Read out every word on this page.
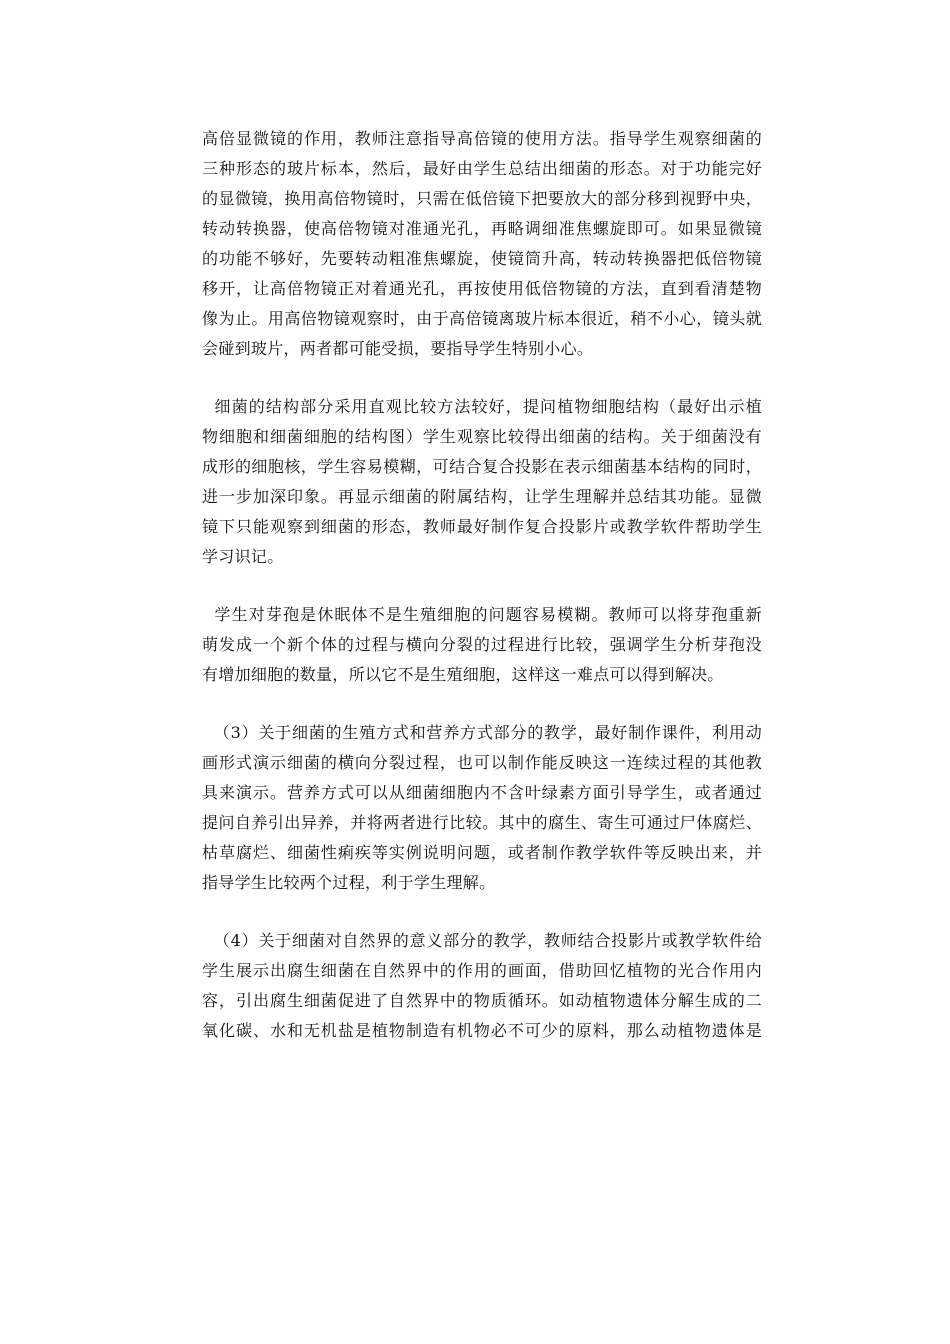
高倍显微镜的作用，教师注意指导高倍镜的使用方法。指导学生观察细菌的
三种形态的玻片标本，然后，最好由学生总结出细菌的形态。对于功能完好
的显微镜，换用高倍物镜时，只需在低倍镜下把要放大的部分移到视野中央，
转动转换器，使高倍物镜对准通光孔，再略调细准焦螺旋即可。如果显微镜
的功能不够好，先要转动粗准焦螺旋，使镜筒升高，转动转换器把低倍物镜
移开，让高倍物镜正对着通光孔，再按使用低倍物镜的方法，直到看清楚物
像为止。用高倍物镜观察时，由于高倍镜离玻片标本很近，稍不小心，镜头就
会碰到玻片，两者都可能受损，要指导学生特别小心。

细菌的结构部分采用直观比较方法较好，提问植物细胞结构（最好出示植
物细胞和细菌细胞的结构图）学生观察比较得出细菌的结构。关于细菌没有
成形的细胞核，学生容易模糊，可结合复合投影在表示细菌基本结构的同时，
进一步加深印象。再显示细菌的附属结构，让学生理解并总结其功能。显微
镜下只能观察到细菌的形态，教师最好制作复合投影片或教学软件帮助学生
学习识记。

学生对芽孢是休眠体不是生殖细胞的问题容易模糊。教师可以将芽孢重新
萌发成一个新个体的过程与横向分裂的过程进行比较，强调学生分析芽孢没
有增加细胞的数量，所以它不是生殖细胞，这样这一难点可以得到解决。

（3）关于细菌的生殖方式和营养方式部分的教学，最好制作课件，利用动
画形式演示细菌的横向分裂过程，也可以制作能反映这一连续过程的其他教
具来演示。营养方式可以从细菌细胞内不含叶绿素方面引导学生，或者通过
提问自养引出异养，并将两者进行比较。其中的腐生、寄生可通过尸体腐烂、
枯草腐烂、细菌性痢疾等实例说明问题，或者制作教学软件等反映出来，并
指导学生比较两个过程，利于学生理解。

（4）关于细菌对自然界的意义部分的教学，教师结合投影片或教学软件给
学生展示出腐生细菌在自然界中的作用的画面，借助回忆植物的光合作用内
容，引出腐生细菌促进了自然界中的物质循环。如动植物遗体分解生成的二
氧化碳、水和无机盐是植物制造有机物必不可少的原料，那么动植物遗体是
